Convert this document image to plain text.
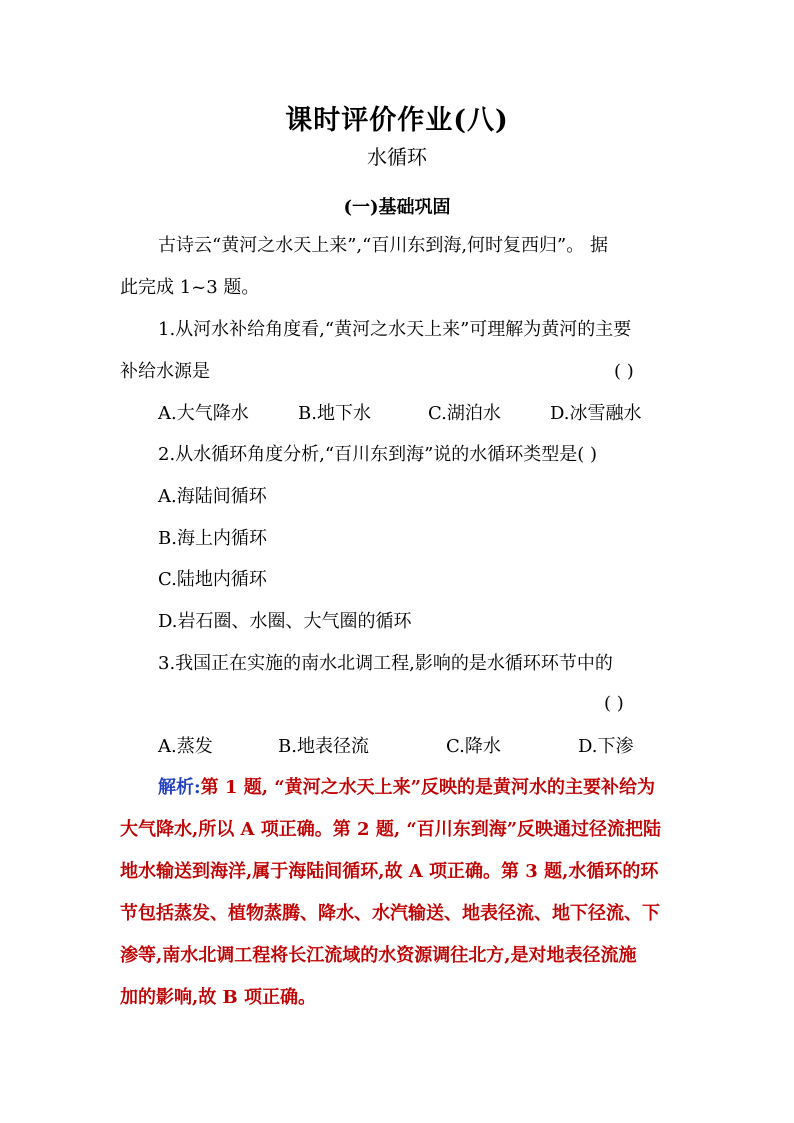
课时评价作业(八)
水循环
(一)基础巩固
古诗云“黄河之水天上来”,“百川东到海,何时复西归”。 据
此完成 1~3 题。
1.从河水补给角度看,“黄河之水天上来”可理解为黄河的主要
补给水源是	( )
A.大气降水	B.地下水	C.湖泊水	D.冰雪融水
2.从水循环角度分析,“百川东到海”说的水循环类型是( )
A.海陆间循环
B.海上内循环
C.陆地内循环
D.岩石圈、水圈、大气圈的循环
3.我国正在实施的南水北调工程,影响的是水循环环节中的
( )
A.蒸发	B.地表径流	C.降水	D.下渗
解析:第 1 题, “黄河之水天上来”反映的是黄河水的主要补给为
大气降水,所以 A 项正确。第 2 题, “百川东到海”反映通过径流把陆
地水输送到海洋,属于海陆间循环,故 A 项正确。第 3 题,水循环的环
节包括蒸发、植物蒸腾、降水、水汽输送、地表径流、地下径流、下
渗等,南水北调工程将长江流域的水资源调往北方,是对地表径流施
加的影响,故 B 项正确。
